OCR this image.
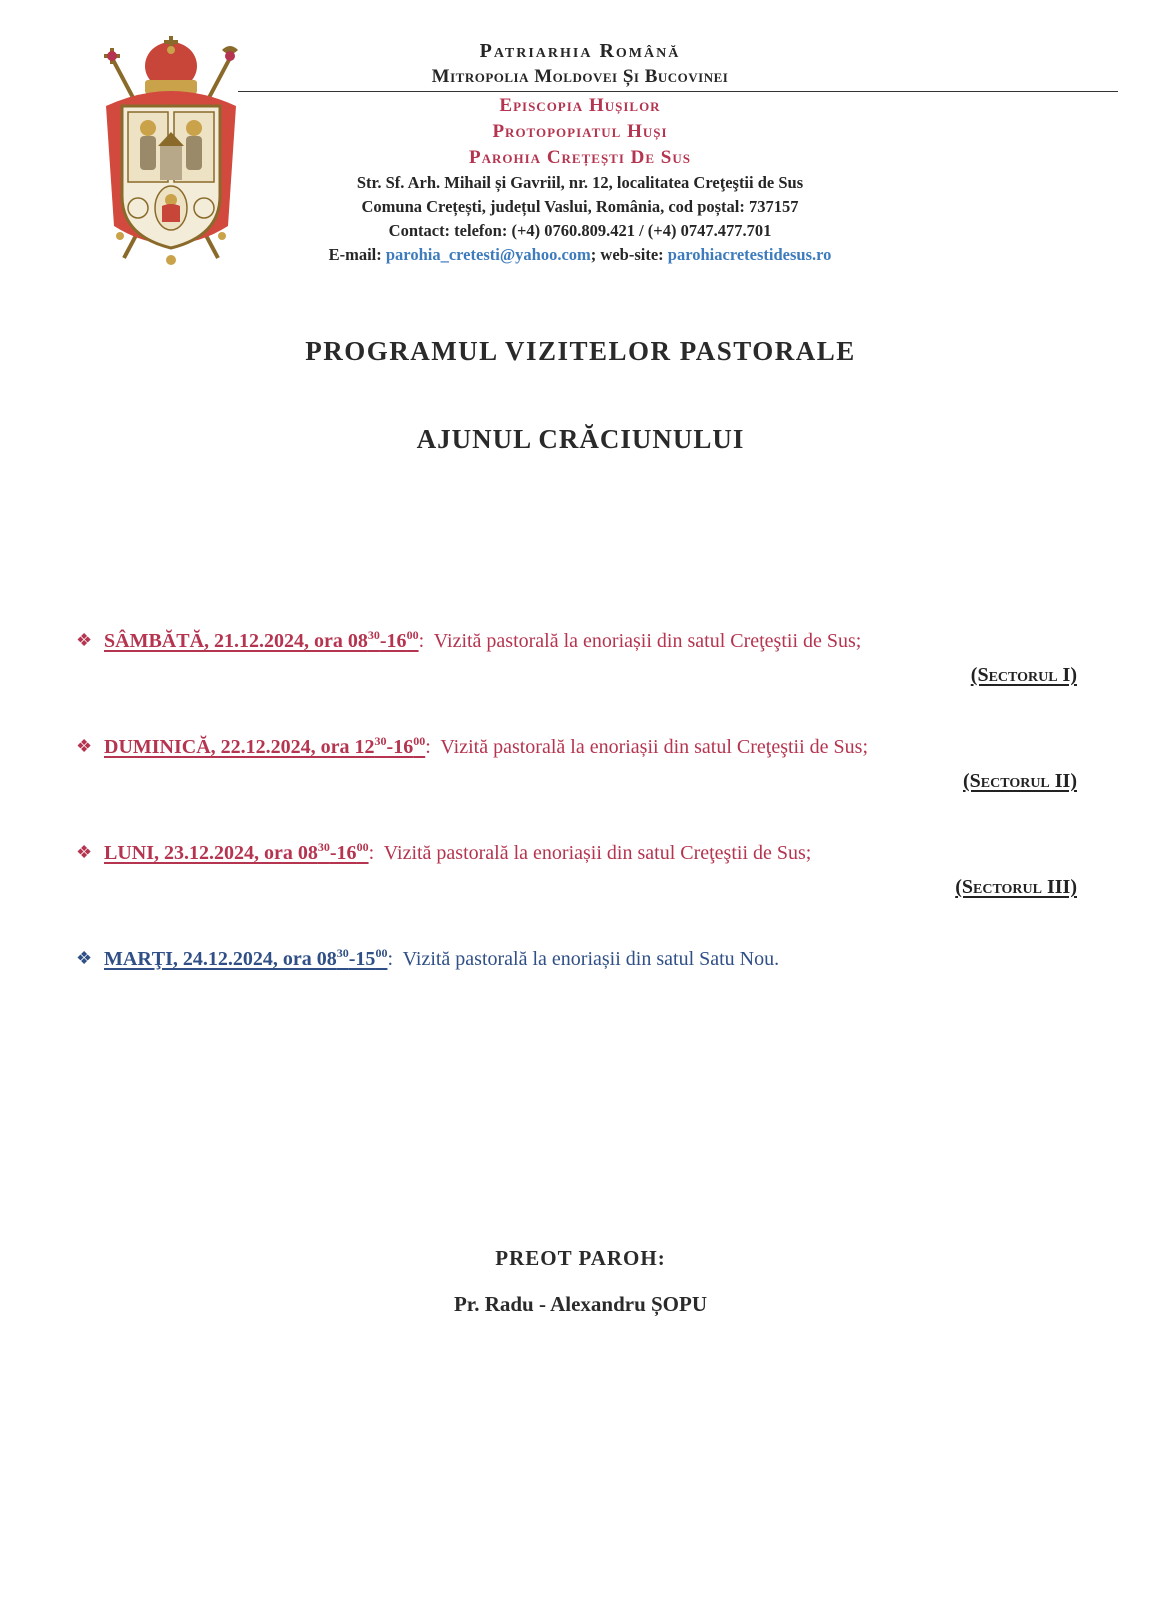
Patriarhia Română
Mitropolia Moldovei Și Bucovinei
Episcopia Hușilor
Protopopiatul Huși
Parohia Crețești De Sus
Str. Sf. Arh. Mihail și Gavriil, nr. 12, localitatea Creţeştii de Sus
Comuna Crețești, județul Vaslui, România, cod poștal: 737157
Contact: telefon: (+4) 0760.809.421 / (+4) 0747.477.701
E-mail: parohia_cretesti@yahoo.com; web-site: parohiacretestidesus.ro
PROGRAMUL VIZITELOR PASTORALE
AJUNUL CRĂCIUNULUI
❖ SÂMBĂTĂ, 21.12.2024, ora $08^{30}-16^{00}$: Vizită pastorală la enoriașii din satul Creţeştii de Sus;
(Sectorul I)
❖ DUMINICĂ, 22.12.2024, ora $12^{30}-16^{00}$: Vizită pastorală la enoriașii din satul Creţeştii de Sus;
(Sectorul II)
❖ LUNI, 23.12.2024, ora $08^{30}-16^{00}$: Vizită pastorală la enoriașii din satul Creţeştii de Sus;
(Sectorul III)
❖ MARŢI, 24.12.2024, ora $08^{30}-15^{00}$: Vizită pastorală la enoriașii din satul Satu Nou.
PREOT PAROH:
Pr. Radu - Alexandru ȘOPU
